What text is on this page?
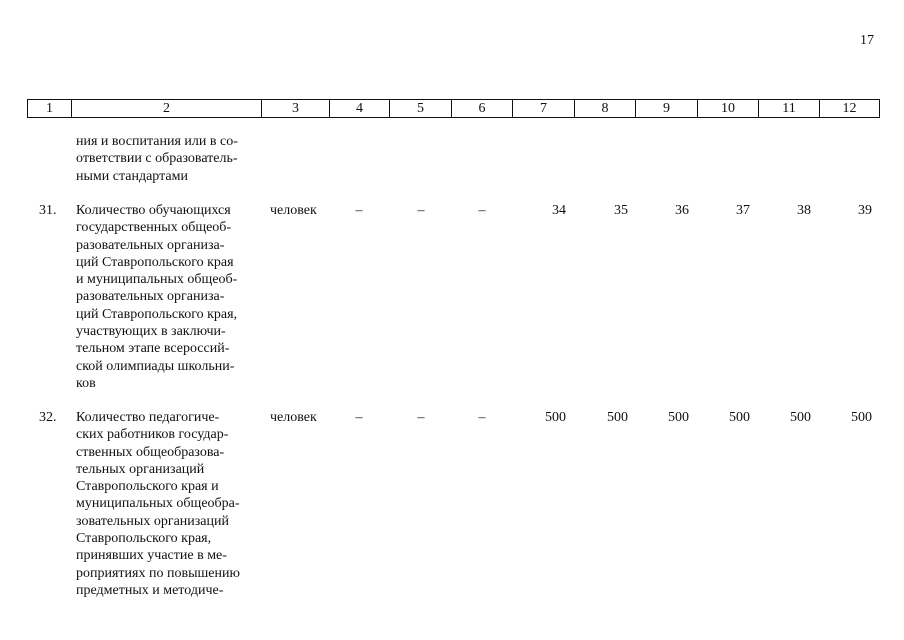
17
1	2	3	4	5	6	7	8	9	10	11	12
ния и воспитания или в со-
ответствии с образователь-
ными стандартами
31. Количество обучающихся
государственных общеоб-
разовательных организа-
ций Ставропольского края
и муниципальных общеоб-
разовательных организа-
ций Ставропольского края,
участвующих в заключи-
тельном этапе всероссий-
ской олимпиады школьни-
ков
человек	–	–	–	34	35	36	37	38	39
32. Количество педагогиче-
ских работников государ-
ственных общеобразова-
тельных организаций
Ставропольского края и
муниципальных общеобра-
зовательных организаций
Ставропольского края,
принявших участие в ме-
роприятиях по повышению
предметных и методиче-
человек	–	–	–	500	500	500	500	500	500
